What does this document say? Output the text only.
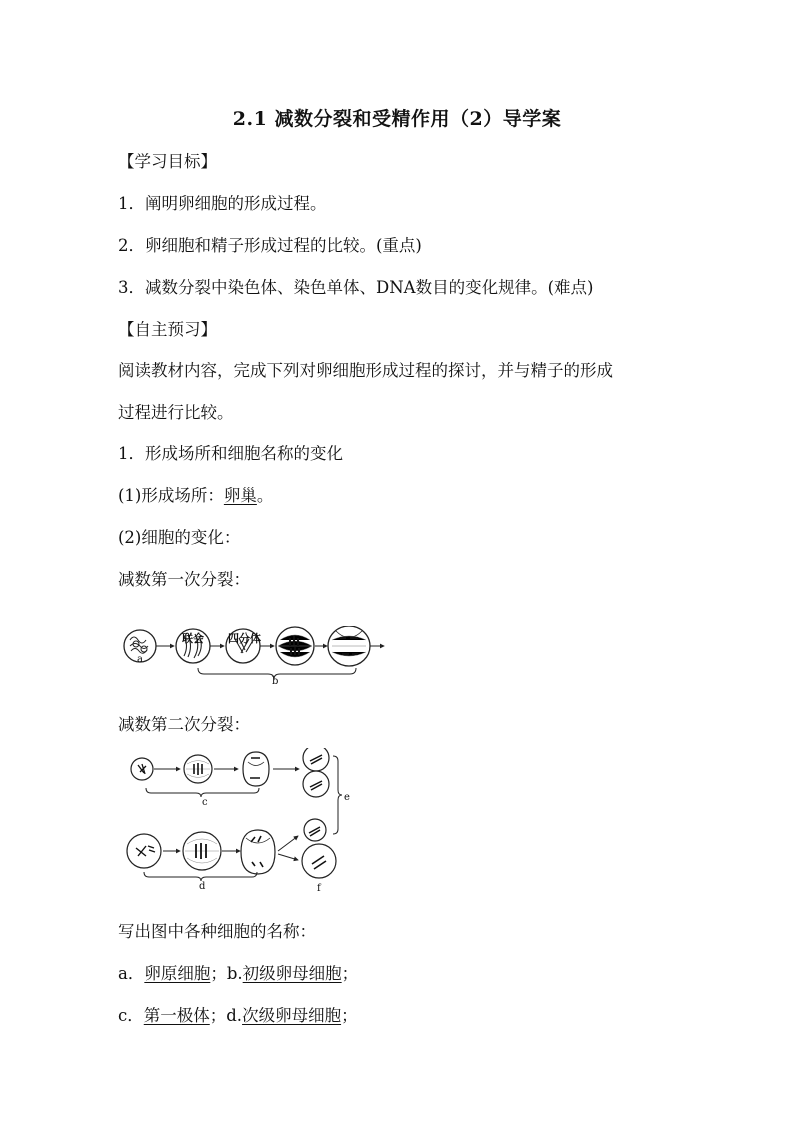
2.1 减数分裂和受精作用（2）导学案
【学习目标】
1．阐明卵细胞的形成过程。
2．卵细胞和精子形成过程的比较。(重点)
3．减数分裂中染色体、染色单体、DNA数目的变化规律。(难点)
【自主预习】
阅读教材内容，完成下列对卵细胞形成过程的探讨，并与精子的形成
过程进行比较。
1．形成场所和细胞名称的变化
(1)形成场所：卵巢。
(2)细胞的变化：
减数第一次分裂：
联会 四分体
a
b
减数第二次分裂：
c
d
e
f
写出图中各种细胞的名称：
a．卵原细胞；b.初级卵母细胞；
c．第一极体；d.次级卵母细胞；
